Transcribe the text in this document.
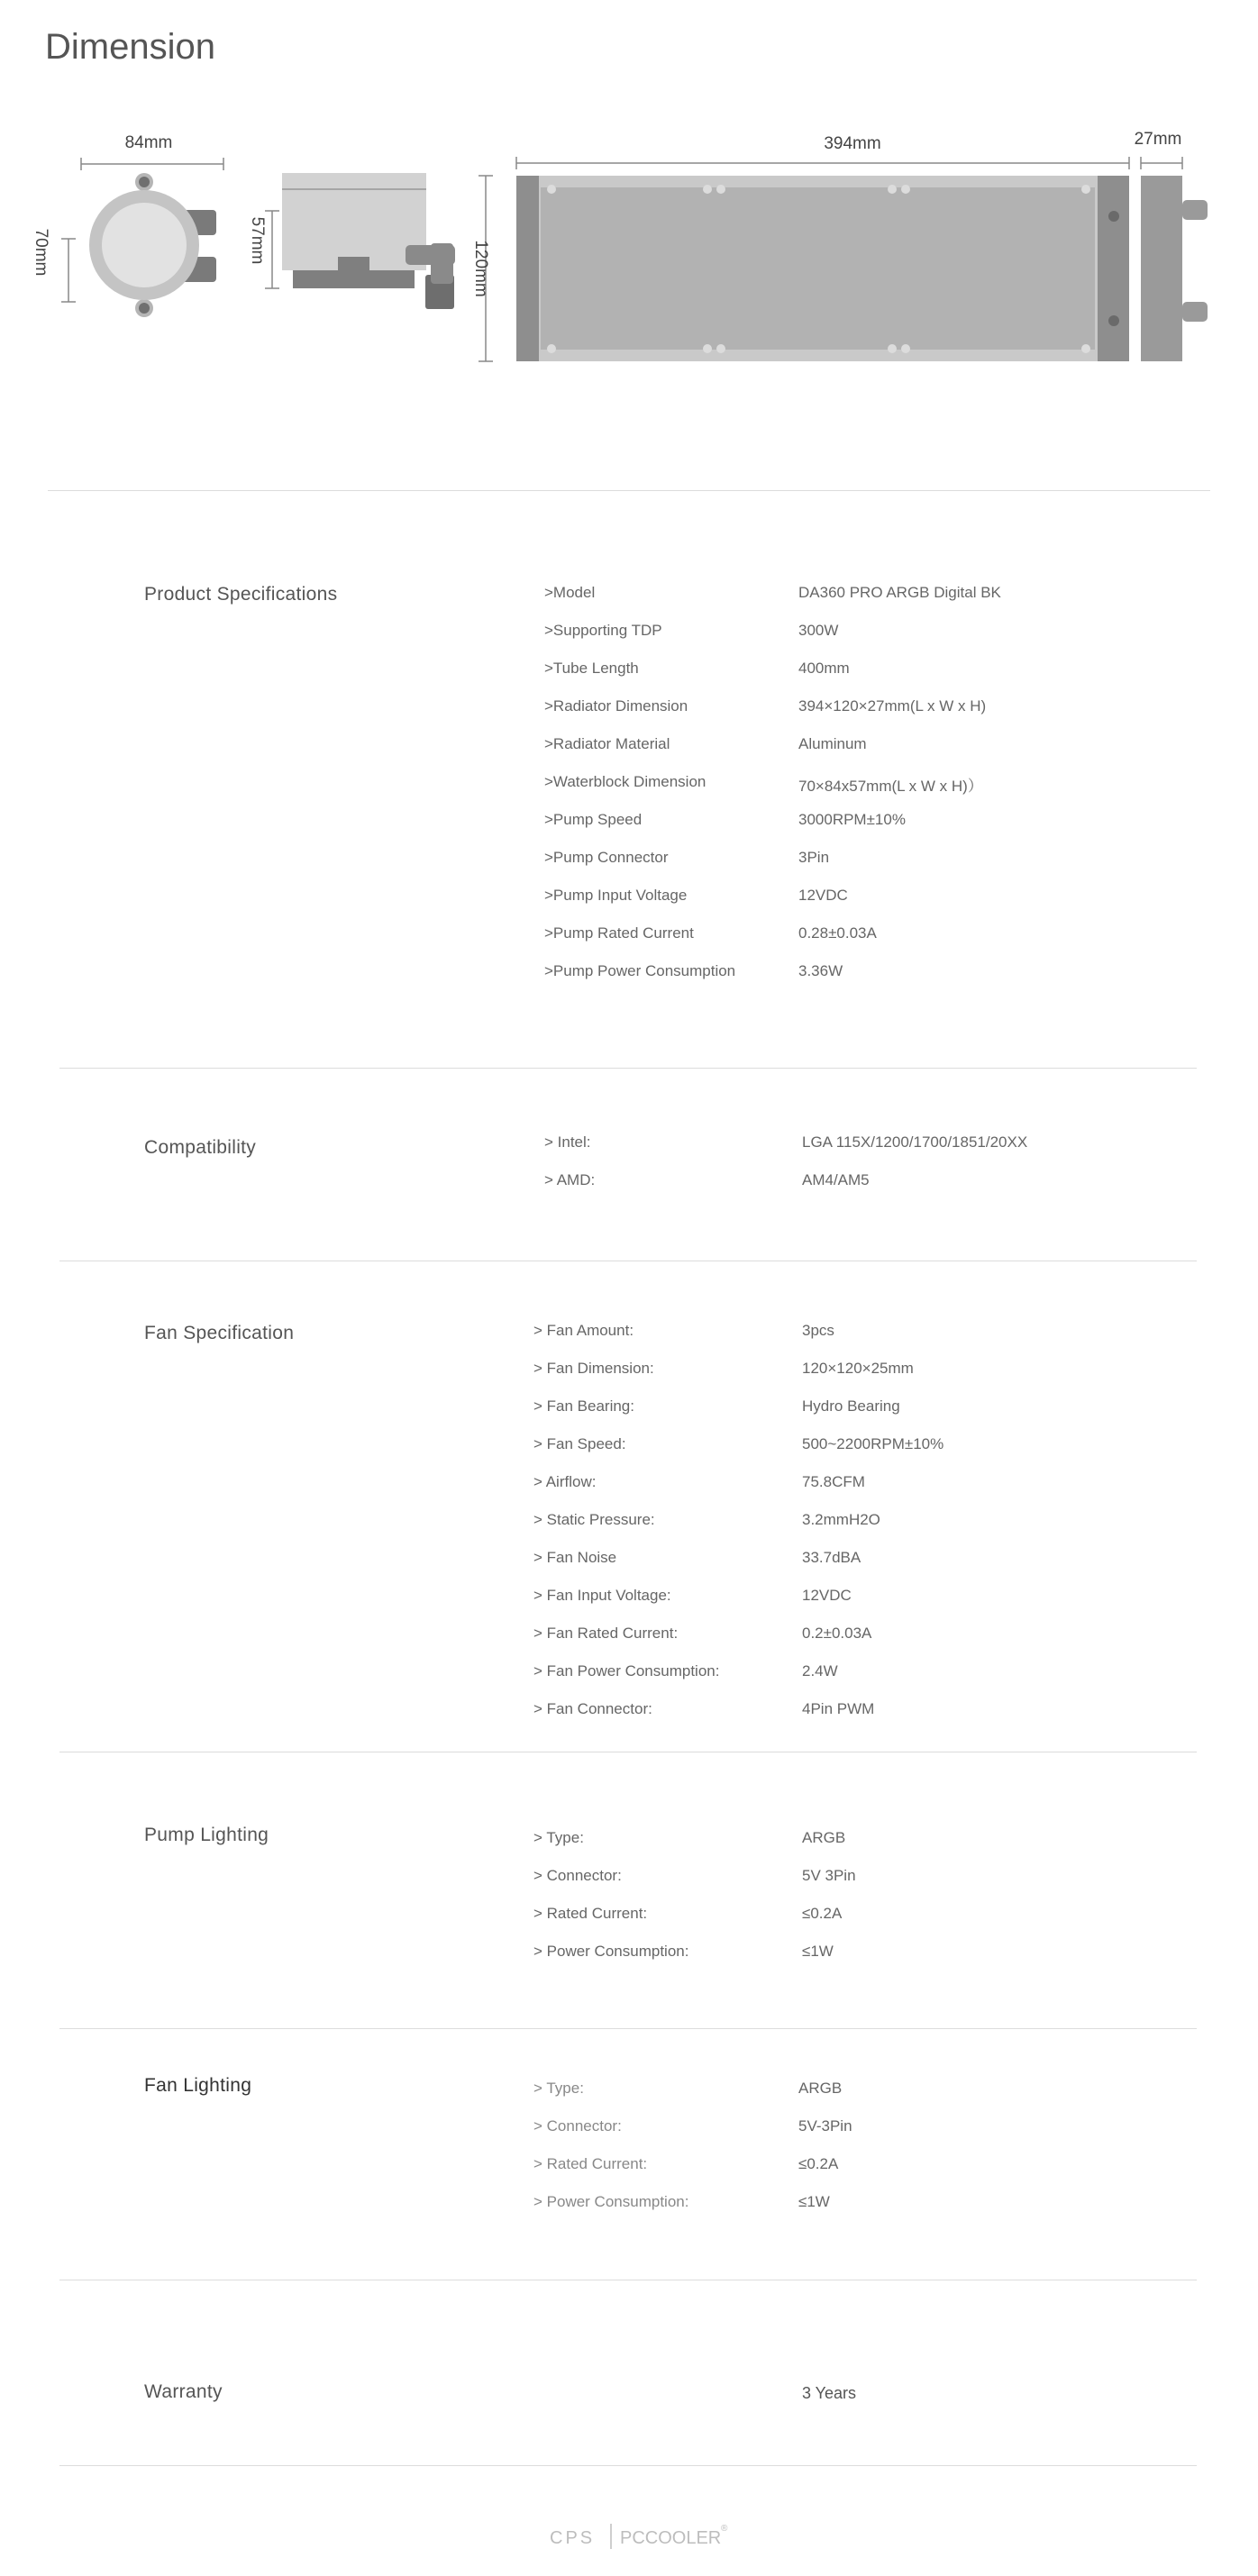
Dimension
84mm
70mm	57mm	120mm
394mm	27mm
Product Specifications	>Model	DA360 PRO ARGB Digital BK
>Supporting TDP	300W
>Tube Length	400mm
>Radiator Dimension	394×120×27mm(L x W x H)
>Radiator Material	Aluminum
>Waterblock Dimension	70×84x57mm(L x W x H)）
>Pump Speed	3000RPM±10%
>Pump Connector	3Pin
>Pump Input Voltage	12VDC
>Pump Rated Current	0.28±0.03A
>Pump Power Consumption	3.36W
Compatibility	> Intel:	LGA 115X/1200/1700/1851/20XX
> AMD:	AM4/AM5
Fan Specification	> Fan Amount:	3pcs
> Fan Dimension:	120×120×25mm
> Fan Bearing:	Hydro Bearing
> Fan Speed:	500~2200RPM±10%
> Airflow:	75.8CFM
> Static Pressure:	3.2mmH2O
> Fan Noise	33.7dBA
> Fan Input Voltage:	12VDC
> Fan Rated Current:	0.2±0.03A
> Fan Power Consumption:	2.4W
> Fan Connector:	4Pin PWM
Pump Lighting	> Type:	ARGB
> Connector:	5V 3Pin
> Rated Current:	≤0.2A
> Power Consumption:	≤1W
Fan Lighting	> Type:	ARGB
> Connector:	5V-3Pin
> Rated Current:	≤0.2A
> Power Consumption:	≤1W
Warranty	3 Years
CPS PCCOOLER ®
